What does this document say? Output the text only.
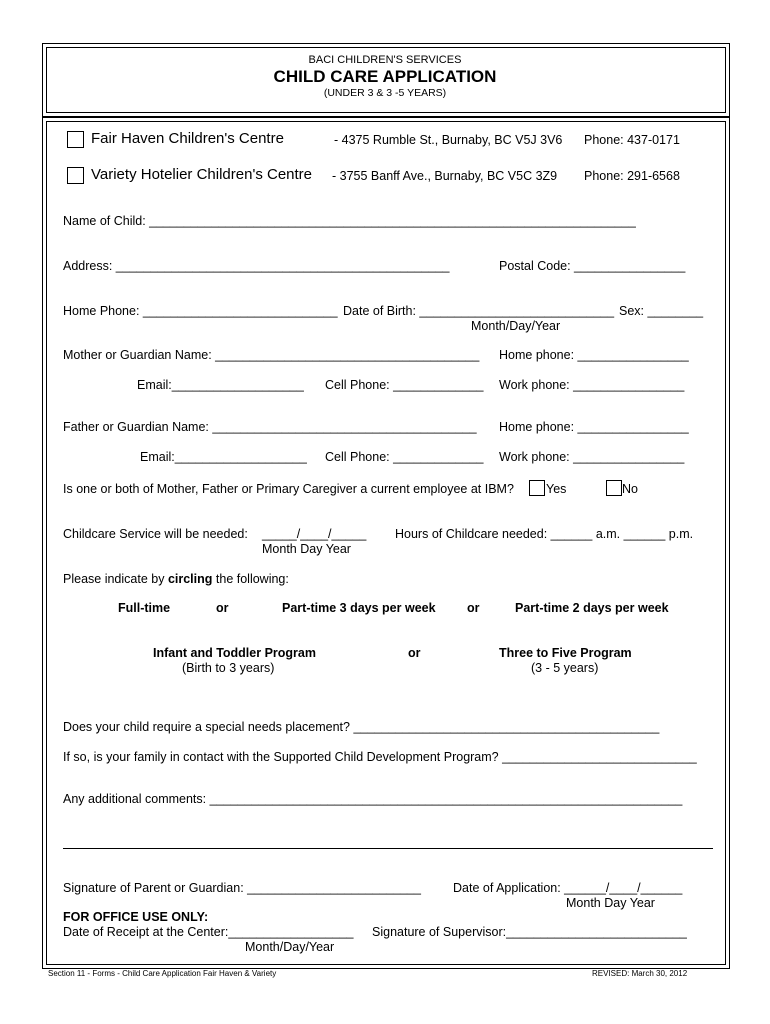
BACI CHILDREN'S SERVICES
CHILD CARE APPLICATION
(UNDER 3 & 3 -5 YEARS)
Fair Haven Children's Centre	- 4375 Rumble St., Burnaby, BC V5J 3V6 Phone: 437-0171
Variety Hotelier Children's Centre - 3755 Banff Ave., Burnaby, BC V5C 3Z9 Phone: 291-6568
Name of Child: ______________________________________________________________________
Address: ________________________________________________	Postal Code: ________________
Home Phone: ____________________________ Date of Birth: ____________________________ Sex: ________
Month/Day/Year
Mother or Guardian Name: ______________________________________ Home phone: ________________
Email:___________________ Cell Phone: _____________ Work phone: ________________
Father or Guardian Name: ______________________________________ Home phone: ________________
Email:___________________ Cell Phone: _____________ Work phone: ________________
Is one or both of Mother, Father or Primary Caregiver a current employee at IBM?	Yes	No
Childcare Service will be needed: _____/____/_____
Month Day Year
Hours of Childcare needed: ______ a.m. ______ p.m.
Please indicate by circling the following:
Full-time	or	Part-time 3 days per week	or	Part-time 2 days per week
Infant and Toddler Program
(Birth to 3 years)
or	Three to Five Program
(3 - 5 years)
Does your child require a special needs placement? ____________________________________________
If so, is your family in contact with the Supported Child Development Program? ____________________________
Any additional comments: ____________________________________________________________________
Signature of Parent or Guardian: _________________________	Date of Application: ______/____/______
Month Day Year
FOR OFFICE USE ONLY:
Date of Receipt at the Center:__________________ Signature of Supervisor:__________________________
Month/Day/Year
Section 11 - Forms - Child Care Application Fair Haven & Variety	REVISED: March 30, 2012
